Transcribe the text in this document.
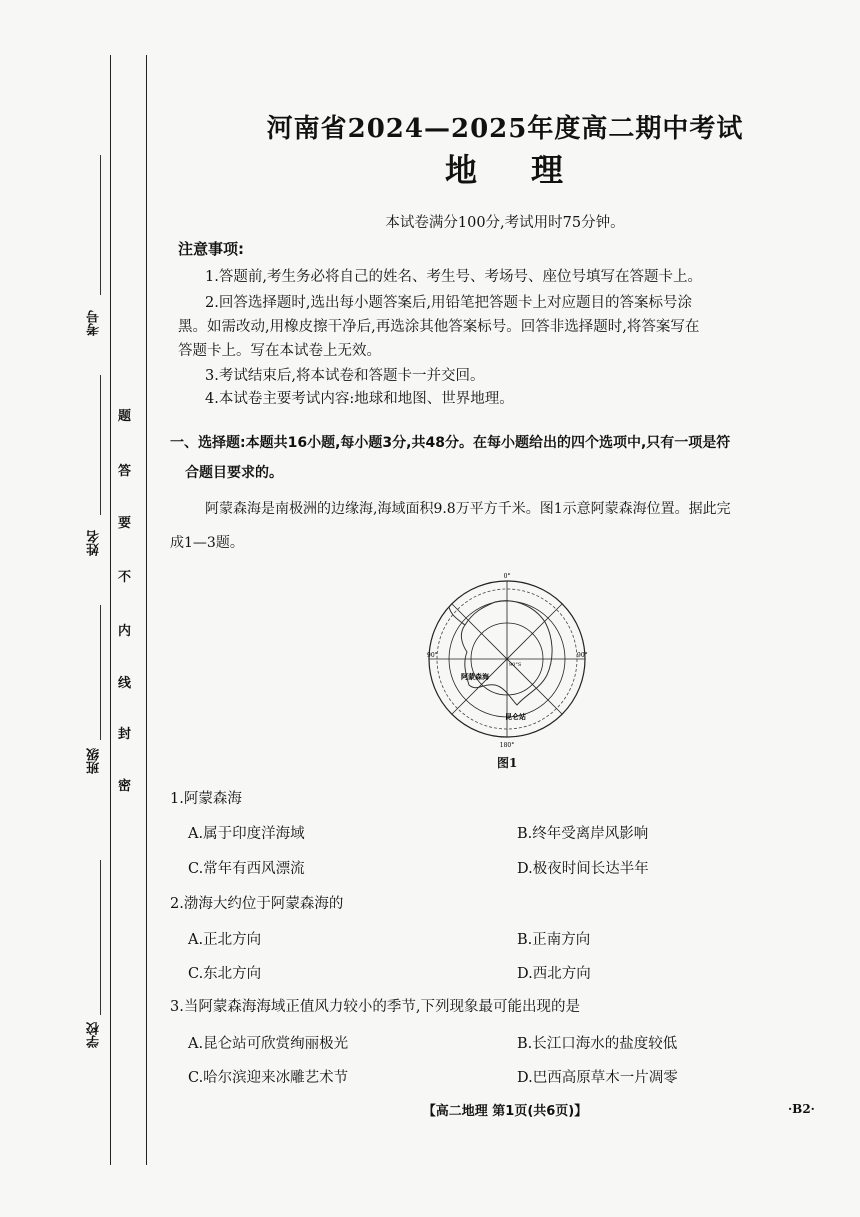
考号
姓名
班级
学校
题
答
要
不
内
线
封
密
河南省2024—2025年度高二期中考试
地 理
本试卷满分100分,考试用时75分钟。
注意事项:
1.答题前,考生务必将自己的姓名、考生号、考场号、座位号填写在答题卡上。
2.回答选择题时,选出每小题答案后,用铅笔把答题卡上对应题目的答案标号涂
黑。如需改动,用橡皮擦干净后,再选涂其他答案标号。回答非选择题时,将答案写在
答题卡上。写在本试卷上无效。
3.考试结束后,将本试卷和答题卡一并交回。
4.本试卷主要考试内容:地球和地图、世界地理。
一、选择题:本题共16小题,每小题3分,共48分。在每小题给出的四个选项中,只有一项是符
合题目要求的。
阿蒙森海是南极洲的边缘海,海域面积9.8万平方千米。图1示意阿蒙森海位置。据此完
成1—3题。
0°
90°	90°
180°
90°S
阿蒙森海
昆仑站
图1
1.阿蒙森海
A.属于印度洋海域	B.终年受离岸风影响
C.常年有西风漂流	D.极夜时间长达半年
2.渤海大约位于阿蒙森海的
A.正北方向	B.正南方向
C.东北方向	D.西北方向
3.当阿蒙森海海域正值风力较小的季节,下列现象最可能出现的是
A.昆仑站可欣赏绚丽极光	B.长江口海水的盐度较低
C.哈尔滨迎来冰雕艺术节	D.巴西高原草木一片凋零
【高二地理 第1页(共6页)】	·B2·
